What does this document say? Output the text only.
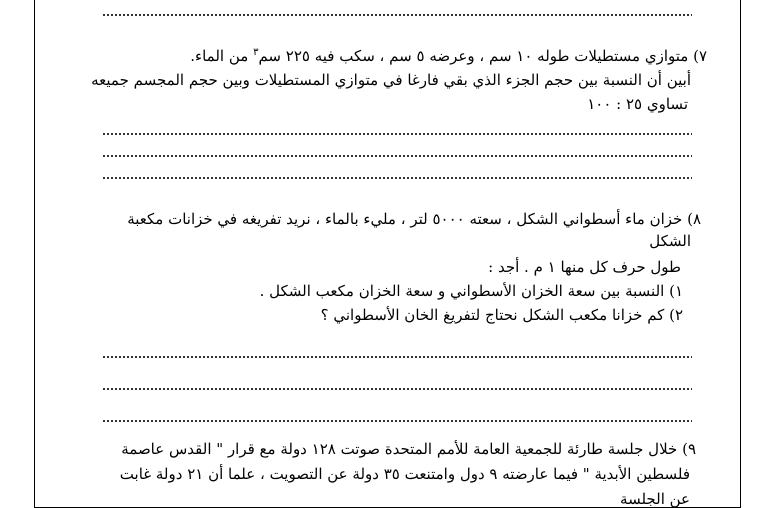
٧) متوازي مستطيلات طوله ١٠ سم ، وعرضه ٥ سم ، سكب فيه ٢٢٥ سم$^٣$ من الماء.
أبين أن النسبة بين حجم الجزء الذي بقي فارغا في متوازي المستطيلات وبين حجم المجسم جميعه
تساوي ٢٥ : ١٠٠
٨) خزان ماء أسطواني الشكل ، سعته ٥٠٠٠ لتر ، مليء بالماء ، نريد تفريغه في خزانات مكعبة
الشكل
طول حرف كل منها ١ م . أجد :
١) النسبة بين سعة الخزان الأسطواني و سعة الخزان مكعب الشكل .
٢) كم خزانا مكعب الشكل نحتاج لتفريغ الخان الأسطواني ؟
٩) خلال جلسة طارئة للجمعية العامة للأمم المتحدة صوتت ١٢٨ دولة مع قرار " القدس عاصمة
فلسطين الأبدية " فيما عارضته ٩ دول وامتنعت ٣٥ دولة عن التصويت ، علما أن ٢١ دولة غابت
عن الجلسة
